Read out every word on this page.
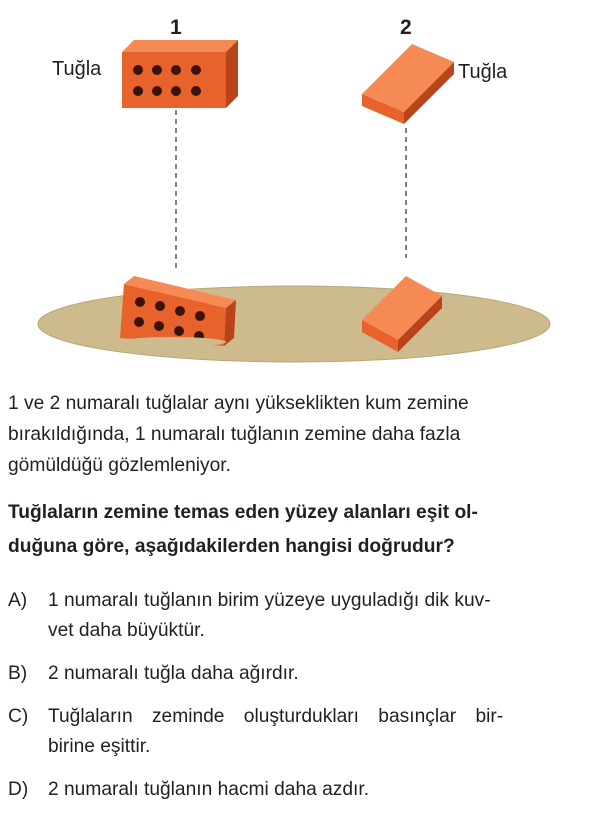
1	2
Tuğla	Tuğla
1 ve 2 numaralı tuğlalar aynı yükseklikten kum zemine
bırakıldığında, 1 numaralı tuğlanın zemine daha fazla
gömüldüğü gözlemleniyor.
Tuğlaların zemine temas eden yüzey alanları eşit ol-
duğuna göre, aşağıdakilerden hangisi doğrudur?
A)	1 numaralı tuğlanın birim yüzeye uyguladığı dik kuv-
vet daha büyüktür.
B)	2 numaralı tuğla daha ağırdır.
C)	Tuğlaların zeminde oluşturdukları basınçlar bir-
birine eşittir.
D)	2 numaralı tuğlanın hacmi daha azdır.
